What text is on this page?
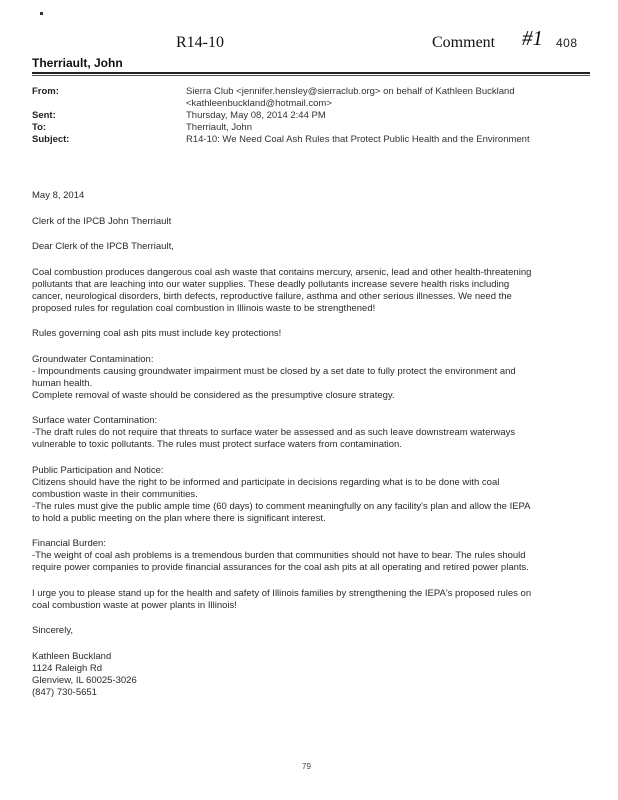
R14-10	Comment #1 408
Therriault, John
From:	Sierra Club <jennifer.hensley@sierraclub.org> on behalf of Kathleen Buckland
<kathleenbuckland@hotmail.com>
Sent:	Thursday, May 08, 2014 2:44 PM
To:	Therriault, John
Subject:	R14-10: We Need Coal Ash Rules that Protect Public Health and the Environment

May 8, 2014

Clerk of the IPCB John Therriault

Dear Clerk of the IPCB Therriault,

Coal combustion produces dangerous coal ash waste that contains mercury, arsenic, lead and other health-threatening
pollutants that are leaching into our water supplies. These deadly pollutants increase severe health risks including
cancer, neurological disorders, birth defects, reproductive failure, asthma and other serious illnesses. We need the
proposed rules for regulation coal combustion in Illinois waste to be strengthened!

Rules governing coal ash pits must include key protections!

Groundwater Contamination:
- Impoundments causing groundwater impairment must be closed by a set date to fully protect the environment and
human health.
Complete removal of waste should be considered as the presumptive closure strategy.

Surface water Contamination:
-The draft rules do not require that threats to surface water be assessed and as such leave downstream waterways
vulnerable to toxic pollutants. The rules must protect surface waters from contamination.

Public Participation and Notice:
Citizens should have the right to be informed and participate in decisions regarding what is to be done with coal
combustion waste in their communities.
-The rules must give the public ample time (60 days) to comment meaningfully on any facility's plan and allow the IEPA
to hold a public meeting on the plan where there is significant interest.

Financial Burden:
-The weight of coal ash problems is a tremendous burden that communities should not have to bear. The rules should
require power companies to provide financial assurances for the coal ash pits at all operating and retired power plants.

I urge you to please stand up for the health and safety of Illinois families by strengthening the IEPA's proposed rules on
coal combustion waste at power plants in Illinois!

Sincerely,

Kathleen Buckland
1124 Raleigh Rd
Glenview, IL 60025-3026
(847) 730-5651

79
